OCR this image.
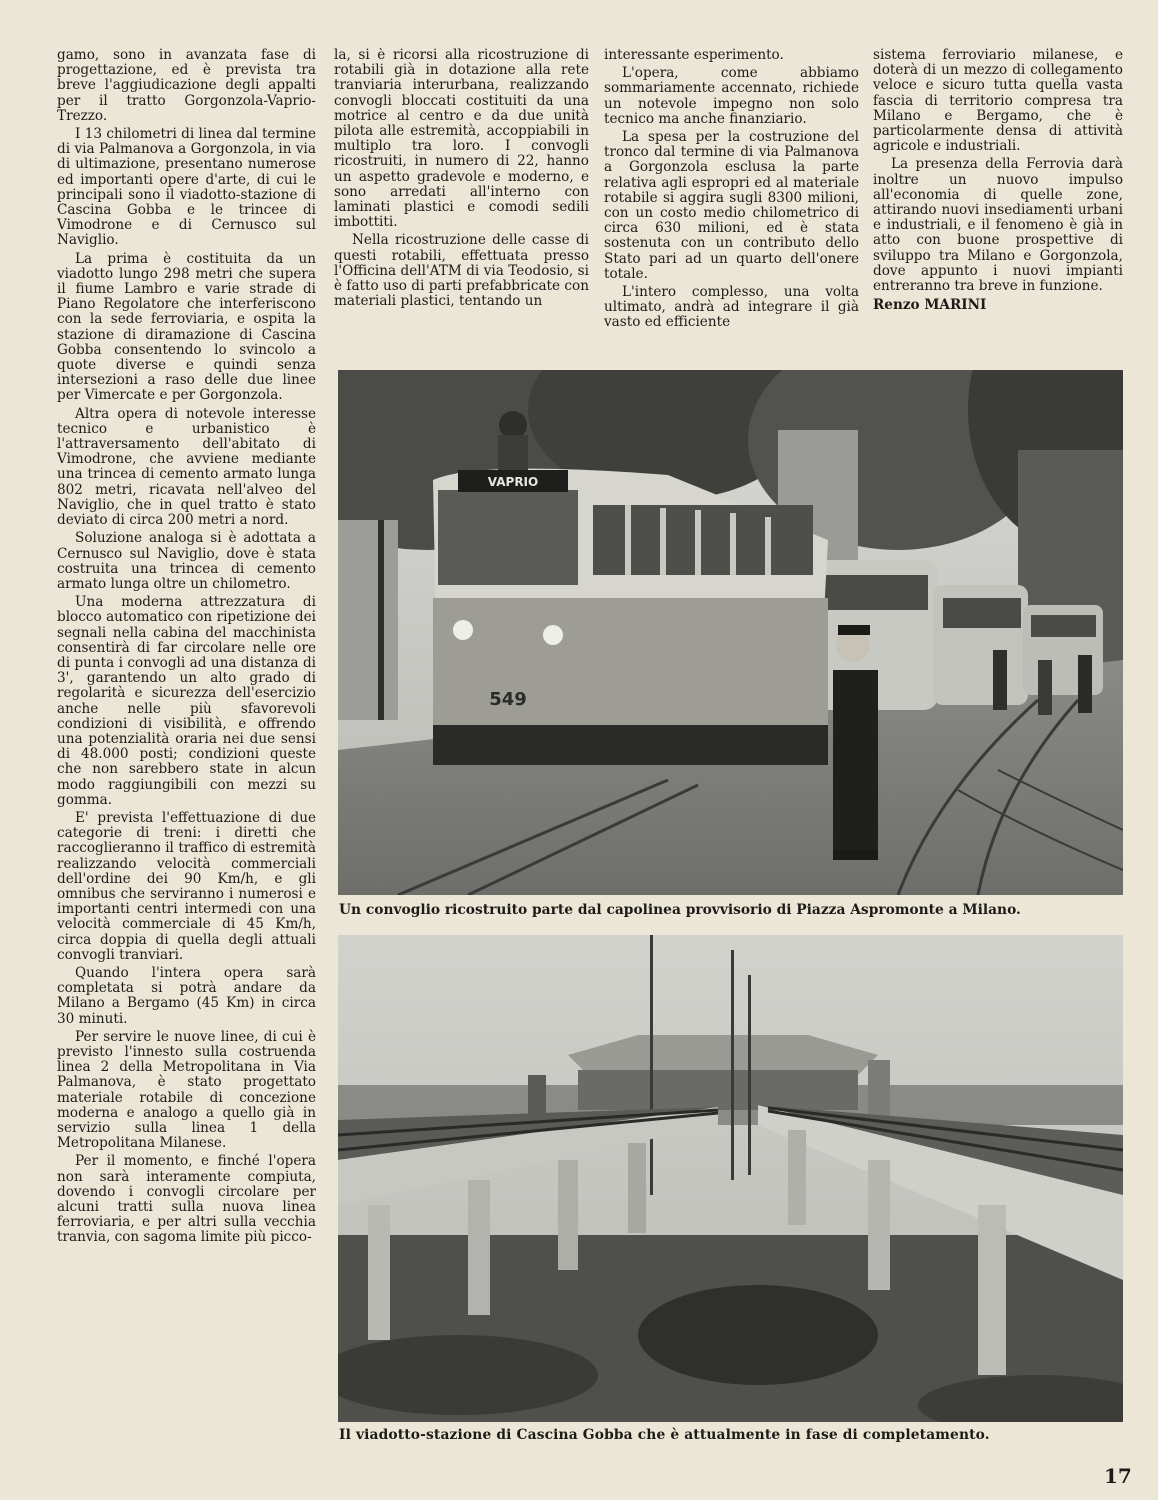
gamo, sono in avanzata fase di progettazione, ed è prevista tra breve l'aggiudicazione degli appalti per il tratto Gorgonzola-Vaprio-Trezzo.

I 13 chilometri di linea dal termine di via Palmanova a Gorgonzola, in via di ultimazione, presentano numerose ed importanti opere d'arte, di cui le principali sono il viadotto-stazione di Cascina Gobba e le trincee di Vimodrone e di Cernusco sul Naviglio.

La prima è costituita da un viadotto lungo 298 metri che supera il fiume Lambro e varie strade di Piano Regolatore che interferiscono con la sede ferroviaria, e ospita la stazione di diramazione di Cascina Gobba consentendo lo svincolo a quote diverse e quindi senza intersezioni a raso delle due linee per Vimercate e per Gorgonzola.

Altra opera di notevole interesse tecnico e urbanistico è l'attraversamento dell'abitato di Vimodrone, che avviene mediante una trincea di cemento armato lunga 802 metri, ricavata nell'alveo del Naviglio, che in quel tratto è stato deviato di circa 200 metri a nord.

Soluzione analoga si è adottata a Cernusco sul Naviglio, dove è stata costruita una trincea di cemento armato lunga oltre un chilometro.

Una moderna attrezzatura di blocco automatico con ripetizione dei segnali nella cabina del macchinista consentirà di far circolare nelle ore di punta i convogli ad una distanza di 3', garantendo un alto grado di regolarità e sicurezza dell'esercizio anche nelle più sfavorevoli condizioni di visibilità, e offrendo una potenzialità oraria nei due sensi di 48.000 posti; condizioni queste che non sarebbero state in alcun modo raggiungibili con mezzi su gomma.

E' prevista l'effettuazione di due categorie di treni: i diretti che raccoglieranno il traffico di estremità realizzando velocità commerciali dell'ordine dei 90 Km/h, e gli omnibus che serviranno i numerosi e importanti centri intermedi con una velocità commerciale di 45 Km/h, circa doppia di quella degli attuali convogli tranviari.

Quando l'intera opera sarà completata si potrà andare da Milano a Bergamo (45 Km) in circa 30 minuti.

Per servire le nuove linee, di cui è previsto l'innesto sulla costruenda linea 2 della Metropolitana in Via Palmanova, è stato progettato materiale rotabile di concezione moderna e analogo a quello già in servizio sulla linea 1 della Metropolitana Milanese.

Per il momento, e finché l'opera non sarà interamente compiuta, dovendo i convogli circolare per alcuni tratti sulla nuova linea ferroviaria, e per altri sulla vecchia tranvia, con sagoma limite più picco-

la, si è ricorsi alla ricostruzione di rotabili già in dotazione alla rete tranviaria interurbana, realizzando convogli bloccati costituiti da una motrice al centro e da due unità pilota alle estremità, accoppiabili in multiplo tra loro. I convogli ricostruiti, in numero di 22, hanno un aspetto gradevole e moderno, e sono arredati all'interno con laminati plastici e comodi sedili imbottiti.

Nella ricostruzione delle casse di questi rotabili, effettuata presso l'Officina dell'ATM di via Teodosio, si è fatto uso di parti prefabbricate con materiali plastici, tentando un

interessante esperimento.

L'opera, come abbiamo sommariamente accennato, richiede un notevole impegno non solo tecnico ma anche finanziario.

La spesa per la costruzione del tronco dal termine di via Palmanova a Gorgonzola esclusa la parte relativa agli espropri ed al materiale rotabile si aggira sugli 8300 milioni, con un costo medio chilometrico di circa 630 milioni, ed è stata sostenuta con un contributo dello Stato pari ad un quarto dell'onere totale.

L'intero complesso, una volta ultimato, andrà ad integrare il già vasto ed efficiente

sistema ferroviario milanese, e doterà di un mezzo di collegamento veloce e sicuro tutta quella vasta fascia di territorio compresa tra Milano e Bergamo, che è particolarmente densa di attività agricole e industriali.

La presenza della Ferrovia darà inoltre un nuovo impulso all'economia di quelle zone, attirando nuovi insediamenti urbani e industriali, e il fenomeno è già in atto con buone prospettive di sviluppo tra Milano e Gorgonzola, dove appunto i nuovi impianti entreranno tra breve in funzione.

Renzo MARINI
VAPRIO
549
Un convoglio ricostruito parte dal capolinea provvisorio di Piazza Aspromonte a Milano.
Il viadotto-stazione di Cascina Gobba che è attualmente in fase di completamento.
17
